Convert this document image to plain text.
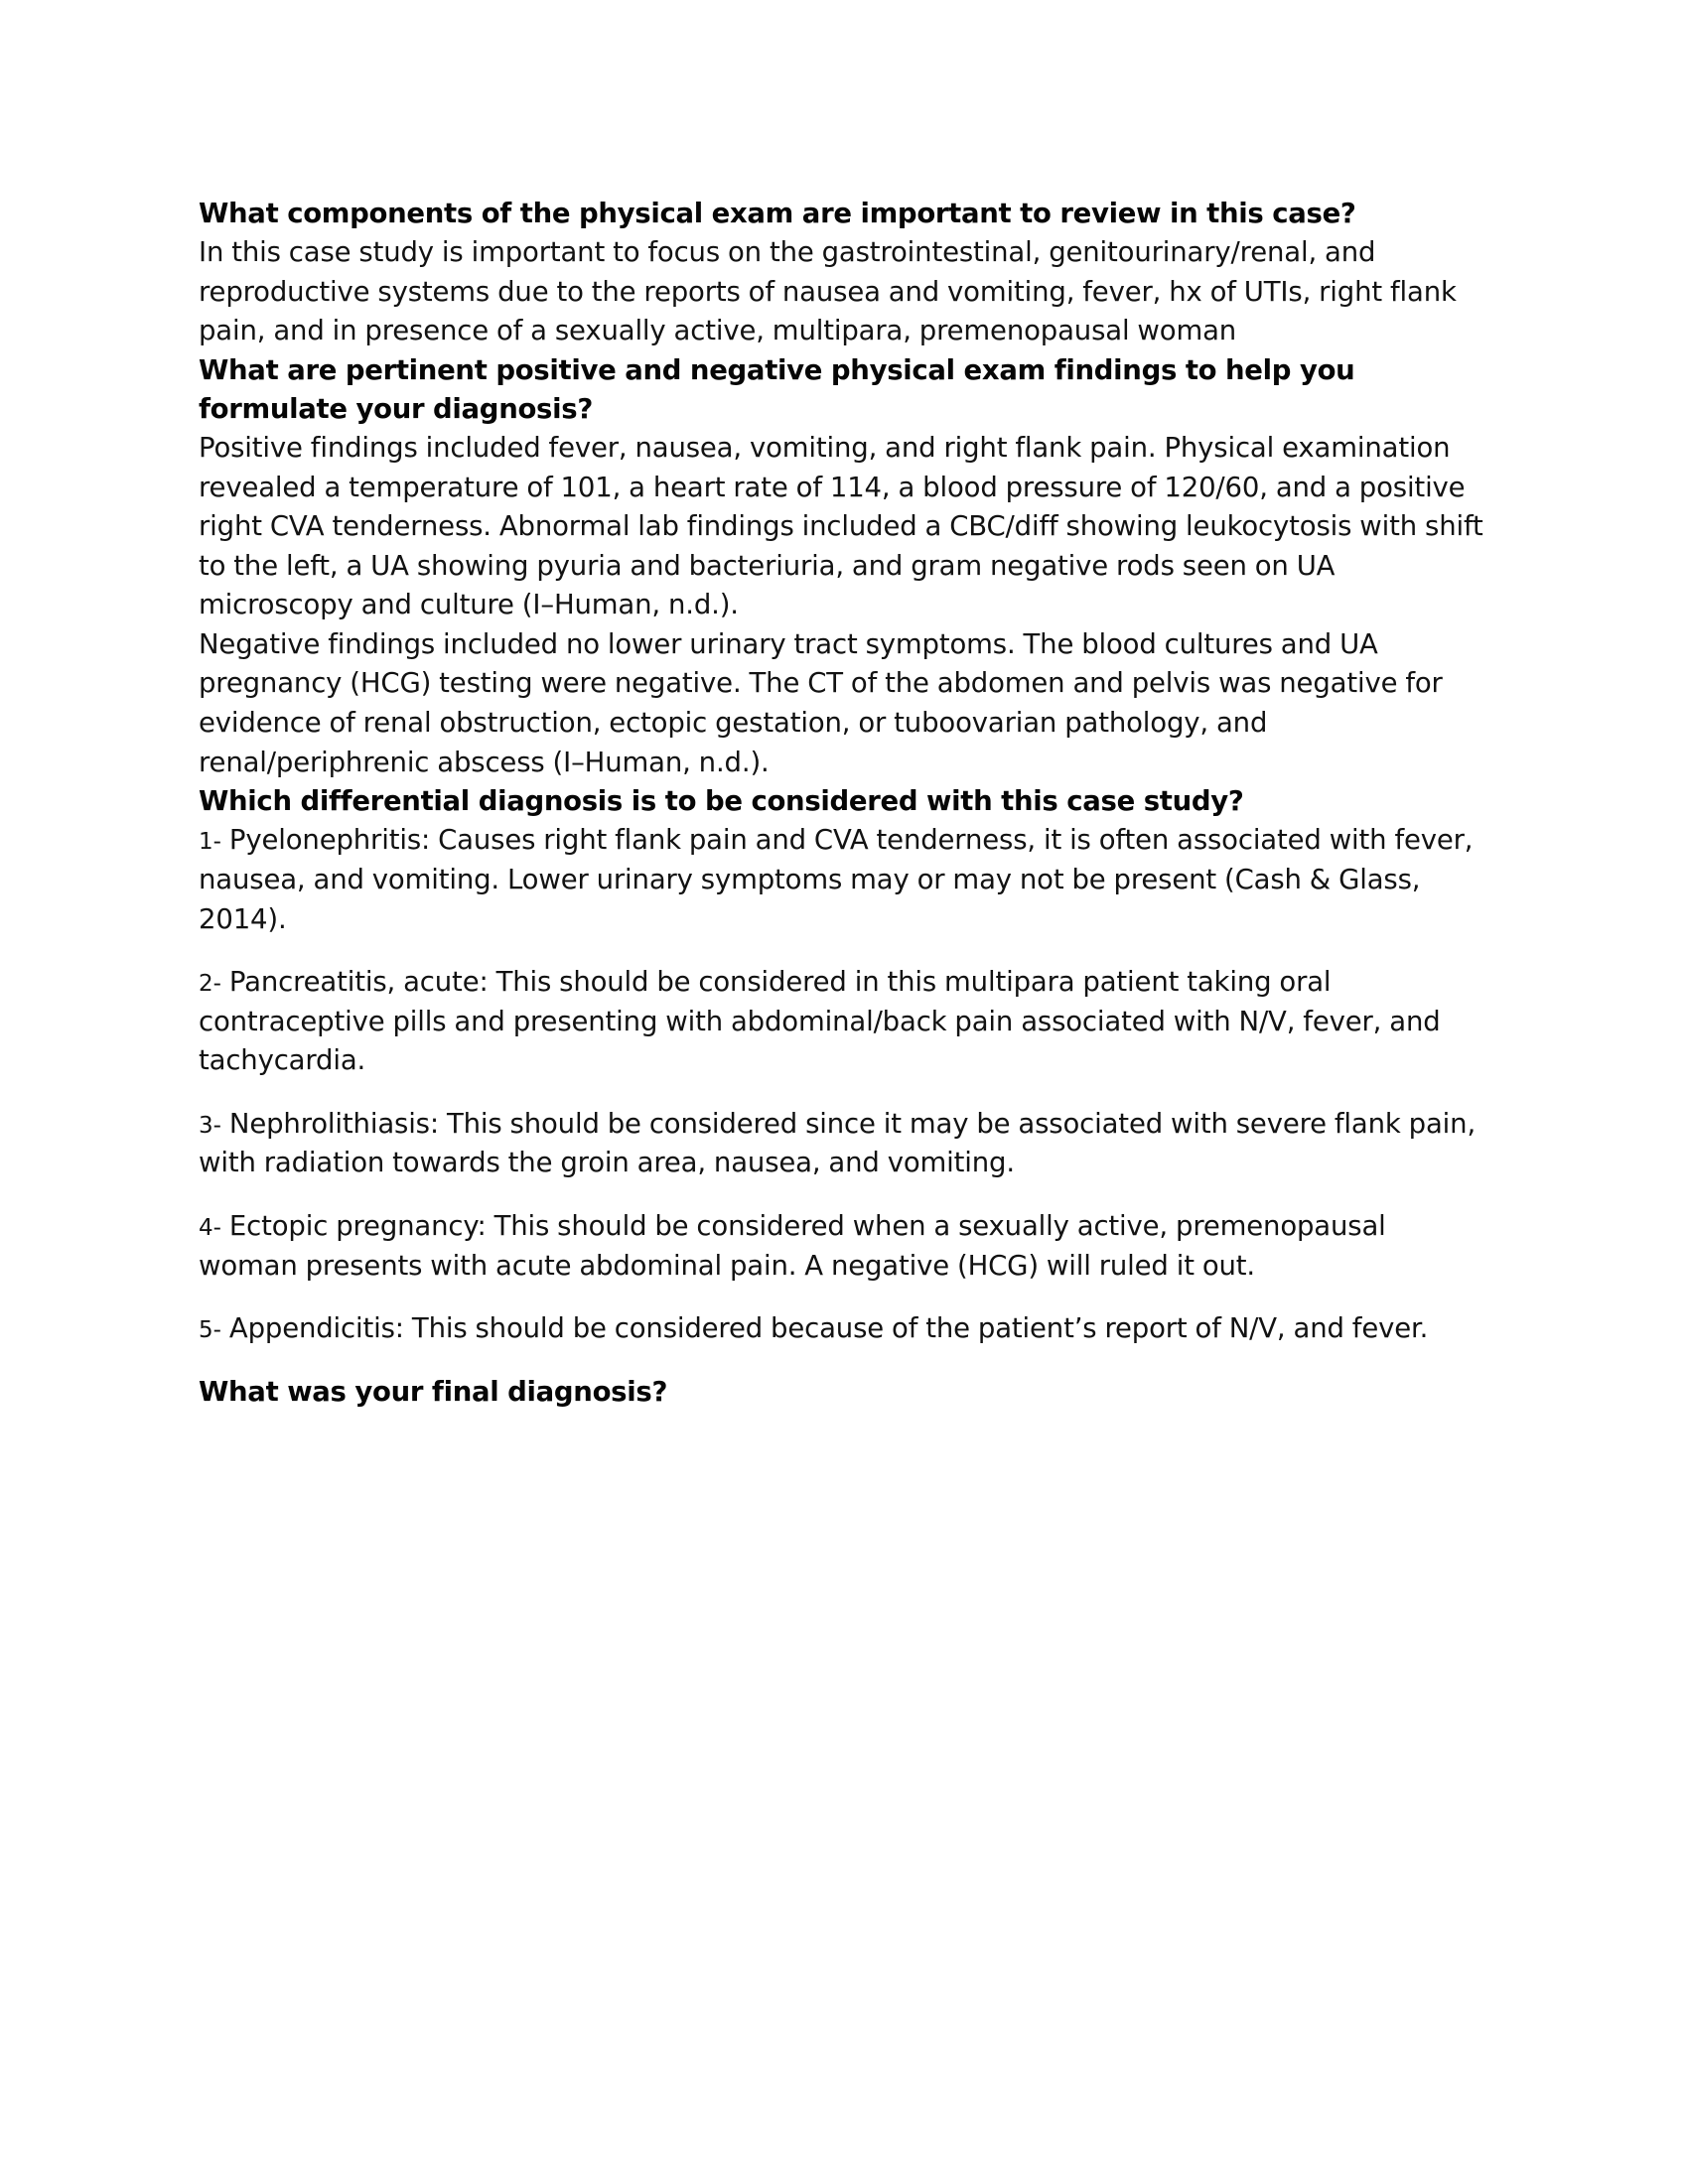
What components of the physical exam are important to review in this case?

In this case study is important to focus on the gastrointestinal, genitourinary/renal, and reproductive systems due to the reports of nausea and vomiting, fever, hx of UTIs, right flank pain, and in presence of a sexually active, multipara, premenopausal woman

What are pertinent positive and negative physical exam findings to help you formulate your diagnosis?

Positive findings included fever, nausea, vomiting, and right flank pain. Physical examination revealed a temperature of 101, a heart rate of 114, a blood pressure of 120/60, and a positive right CVA tenderness. Abnormal lab findings included a CBC/diff showing leukocytosis with shift to the left, a UA showing pyuria and bacteriuria, and gram negative rods seen on UA microscopy and culture (I–Human, n.d.).

Negative findings included no lower urinary tract symptoms. The blood cultures and UA pregnancy (HCG) testing were negative. The CT of the abdomen and pelvis was negative for evidence of renal obstruction, ectopic gestation, or tuboovarian pathology, and renal/periphrenic abscess (I–Human, n.d.).

Which differential diagnosis is to be considered with this case study?

1- Pyelonephritis: Causes right flank pain and CVA tenderness, it is often associated with fever, nausea, and vomiting. Lower urinary symptoms may or may not be present (Cash & Glass, 2014).

2- Pancreatitis, acute: This should be considered in this multipara patient taking oral contraceptive pills and presenting with abdominal/back pain associated with N/V, fever, and tachycardia.

3- Nephrolithiasis: This should be considered since it may be associated with severe flank pain, with radiation towards the groin area, nausea, and vomiting.

4- Ectopic pregnancy: This should be considered when a sexually active, premenopausal woman presents with acute abdominal pain. A negative (HCG) will ruled it out.

5- Appendicitis: This should be considered because of the patient’s report of N/V, and fever.

What was your final diagnosis?
